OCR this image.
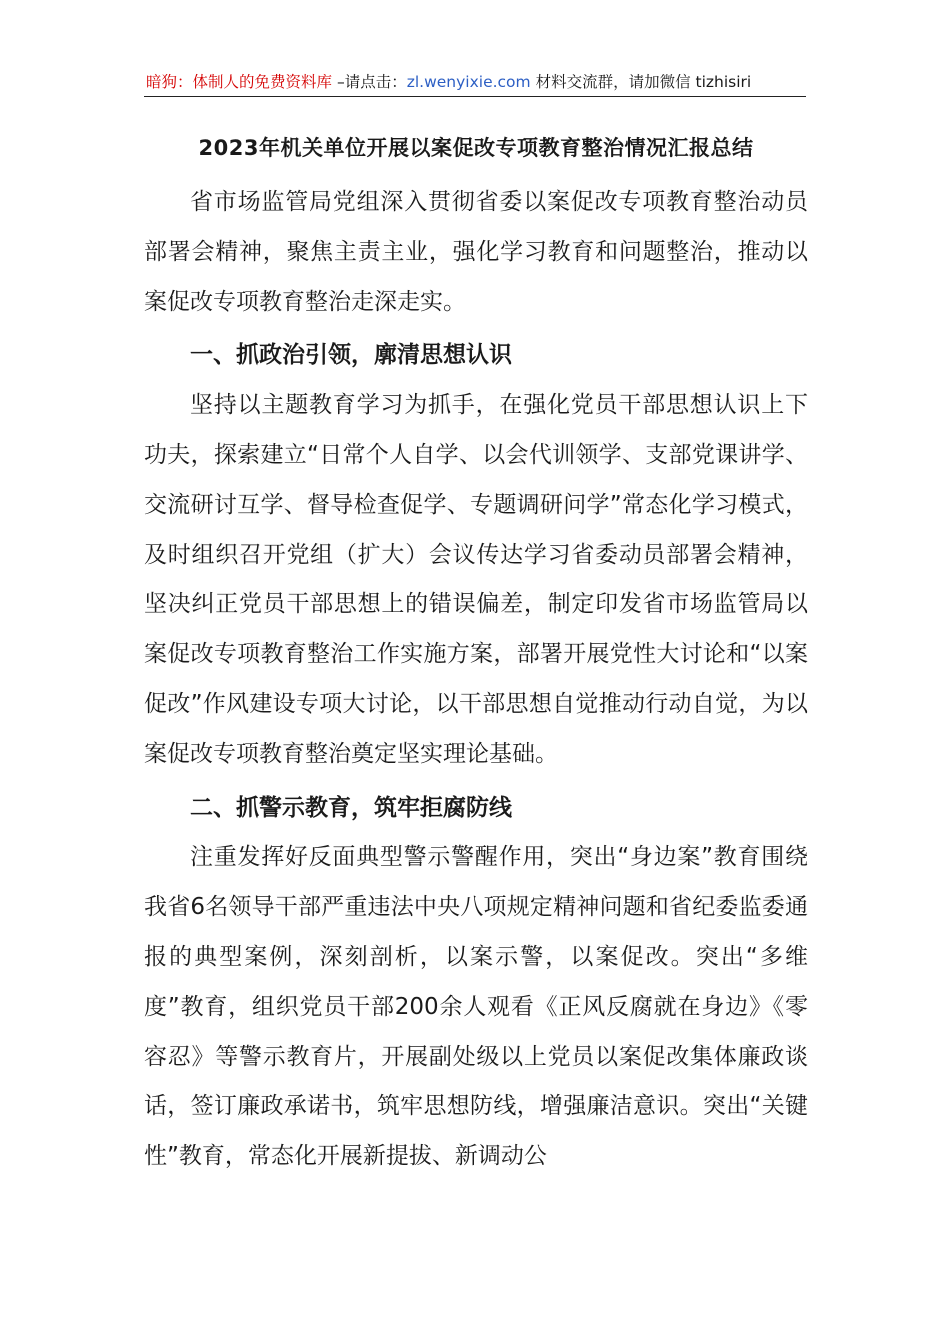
暗狗：体制人的免费资料库 –请点击：zl.wenyixie.com 材料交流群，请加微信 tizhisiri
2023年机关单位开展以案促改专项教育整治情况汇报总结

省市场监管局党组深入贯彻省委以案促改专项教育整治动员部署会精神，聚焦主责主业，强化学习教育和问题整治，推动以案促改专项教育整治走深走实。

一、抓政治引领，廓清思想认识

坚持以主题教育学习为抓手，在强化党员干部思想认识上下功夫，探索建立“日常个人自学、以会代训领学、支部党课讲学、交流研讨互学、督导检查促学、专题调研问学”常态化学习模式，及时组织召开党组（扩大）会议传达学习省委动员部署会精神，坚决纠正党员干部思想上的错误偏差，制定印发省市场监管局以案促改专项教育整治工作实施方案，部署开展党性大讨论和“以案促改”作风建设专项大讨论，以干部思想自觉推动行动自觉，为以案促改专项教育整治奠定坚实理论基础。

二、抓警示教育，筑牢拒腐防线

注重发挥好反面典型警示警醒作用，突出“身边案”教育围绕我省6名领导干部严重违法中央八项规定精神问题和省纪委监委通报的典型案例，深刻剖析，以案示警，以案促改。突出“多维度”教育，组织党员干部200余人观看《正风反腐就在身边》《零容忍》等警示教育片，开展副处级以上党员以案促改集体廉政谈话，签订廉政承诺书，筑牢思想防线，增强廉洁意识。突出“关键性”教育，常态化开展新提拔、新调动公
